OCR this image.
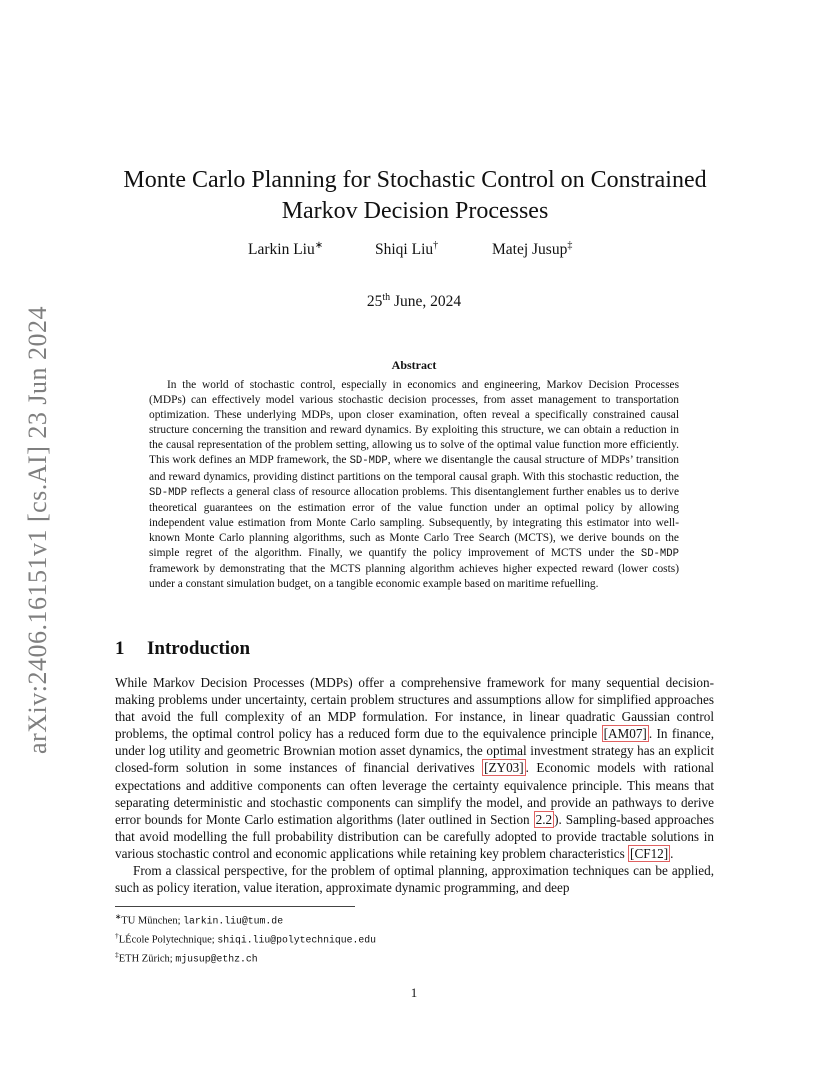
arXiv:2406.16151v1 [cs.AI] 23 Jun 2024
Monte Carlo Planning for Stochastic Control on Constrained
Markov Decision Processes
Larkin Liu∗	Shiqi Liu†	Matej Jusup‡
25th June, 2024
Abstract
In the world of stochastic control, especially in economics and engineering, Markov Decision Processes (MDPs) can effectively model various stochastic decision processes, from asset management to transportation optimization. These underlying MDPs, upon closer examination, often reveal a specifically constrained causal structure concerning the transition and reward dynamics. By exploiting this structure, we can obtain a reduction in the causal representation of the problem setting, allowing us to solve of the optimal value function more efficiently. This work defines an MDP framework, the SD-MDP, where we disentangle the causal structure of MDPs’ transition and reward dynamics, providing distinct partitions on the temporal causal graph. With this stochastic reduction, the SD-MDP reflects a general class of resource allocation problems. This disentanglement further enables us to derive theoretical guarantees on the estimation error of the value function under an optimal policy by allowing independent value estimation from Monte Carlo sampling. Subsequently, by integrating this estimator into well-known Monte Carlo planning algorithms, such as Monte Carlo Tree Search (MCTS), we derive bounds on the simple regret of the algorithm. Finally, we quantify the policy improvement of MCTS under the SD-MDP framework by demonstrating that the MCTS planning algorithm achieves higher expected reward (lower costs) under a constant simulation budget, on a tangible economic example based on maritime refuelling.
1 Introduction

While Markov Decision Processes (MDPs) offer a comprehensive framework for many sequential decision-making problems under uncertainty, certain problem structures and assumptions allow for simplified approaches that avoid the full complexity of an MDP formulation. For instance, in linear quadratic Gaussian control problems, the optimal control policy has a reduced form due to the equivalence principle [AM07] . In finance, under log utility and geometric Brownian motion asset dynamics, the optimal investment strategy has an explicit closed-form solution in some instances of financial derivatives [ZY03] . Economic models with rational expectations and additive components can often leverage the certainty equivalence principle. This means that separating deterministic and stochastic components can simplify the model, and provide an pathways to derive error bounds for Monte Carlo estimation algorithms (later outlined in Section 2.2 ). Sampling-based approaches that avoid modelling the full probability distribution can be carefully adopted to provide tractable solutions in various stochastic control and economic applications while retaining key problem characteristics [CF12] .

From a classical perspective, for the problem of optimal planning, approximation techniques can be applied, such as policy iteration, value iteration, approximate dynamic programming, and deep

∗TU München; larkin.liu@tum.de
†LÉcole Polytechnique; shiqi.liu@polytechnique.edu
‡ETH Zürich; mjusup@ethz.ch
1
